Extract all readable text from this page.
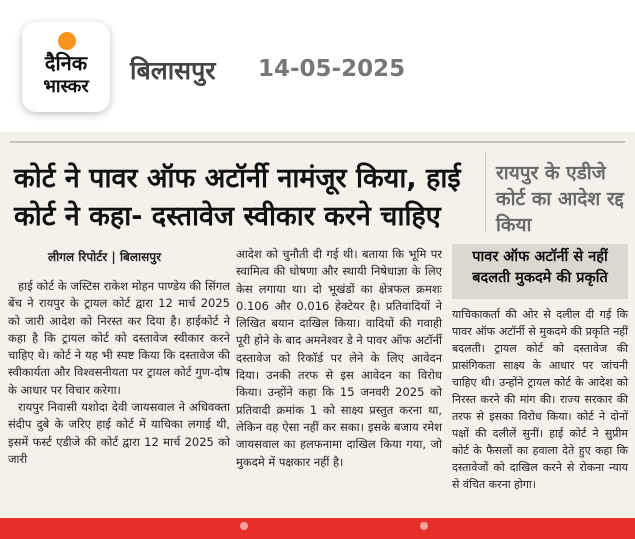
दैनिक
भास्कर
बिलासपुर 14-05-2025
कोर्ट ने पावर ऑफ अटॉर्नी नामंजूर किया, हाई कोर्ट ने कहा- दस्तावेज स्वीकार करने चाहिए
रायपुर के एडीजे कोर्ट का आदेश रद्द किया
लीगल रिपोर्टर | बिलासपुर

हाई कोर्ट के जस्टिस राकेश मोहन पाण्डेय की सिंगल बेंच ने रायपुर के ट्रायल कोर्ट द्वारा 12 मार्च 2025 को जारी आदेश को निरस्त कर दिया है। हाईकोर्ट ने कहा है कि ट्रायल कोर्ट को दस्तावेज स्वीकार करने चाहिए थे। कोर्ट ने यह भी स्पष्ट किया कि दस्तावेज की स्वीकार्यता और विश्वसनीयता पर ट्रायल कोर्ट गुण-दोष के आधार पर विचार करेगा।

रायपुर निवासी यशोदा देवी जायसवाल ने अधिवक्ता संदीप दुबे के जरिए हाई कोर्ट में याचिका लगाई थी, इसमें फर्स्ट एडीजे की कोर्ट द्वारा 12 मार्च 2025 को जारी

आदेश को चुनौती दी गई थी। बताया कि भूमि पर स्वामित्व की घोषणा और स्थायी निषेधाज्ञा के लिए केस लगाया था। दो भूखंडों का क्षेत्रफल क्रमशः 0.106 और 0.016 हेक्टेयर है। प्रतिवादियों ने लिखित बयान दाखिल किया। वादियों की गवाही पूरी होने के बाद अमनेश्वर डे ने पावर ऑफ अटॉर्नी दस्तावेज को रिकॉर्ड पर लेने के लिए आवेदन दिया। उनकी तरफ से इस आवेदन का विरोध किया। उन्होंने कहा कि 15 जनवरी 2025 को प्रतिवादी क्रमांक 1 को साक्ष्य प्रस्तुत करना था, लेकिन वह ऐसा नहीं कर सका। इसके बजाय रमेश जायसवाल का हलफनामा दाखिल किया गया, जो मुकदमे में पक्षकार नहीं है।

पावर ऑफ अटॉर्नी से नहीं बदलती मुकदमे की प्रकृति

याचिकाकर्ता की ओर से दलील दी गई कि पावर ऑफ अटॉर्नी से मुकदमे की प्रकृति नहीं बदलती। ट्रायल कोर्ट को दस्तावेज की प्रासंगिकता साक्ष्य के आधार पर जांचनी चाहिए थी। उन्होंने ट्रायल कोर्ट के आदेश को निरस्त करने की मांग की। राज्य सरकार की तरफ से इसका विरोध किया। कोर्ट ने दोनों पक्षों की दलीलें सुनीं। हाई कोर्ट ने सुप्रीम कोर्ट के फैसलों का हवाला देते हुए कहा कि दस्तावेजों को दाखिल करने से रोकना न्याय से वंचित करना होगा।
